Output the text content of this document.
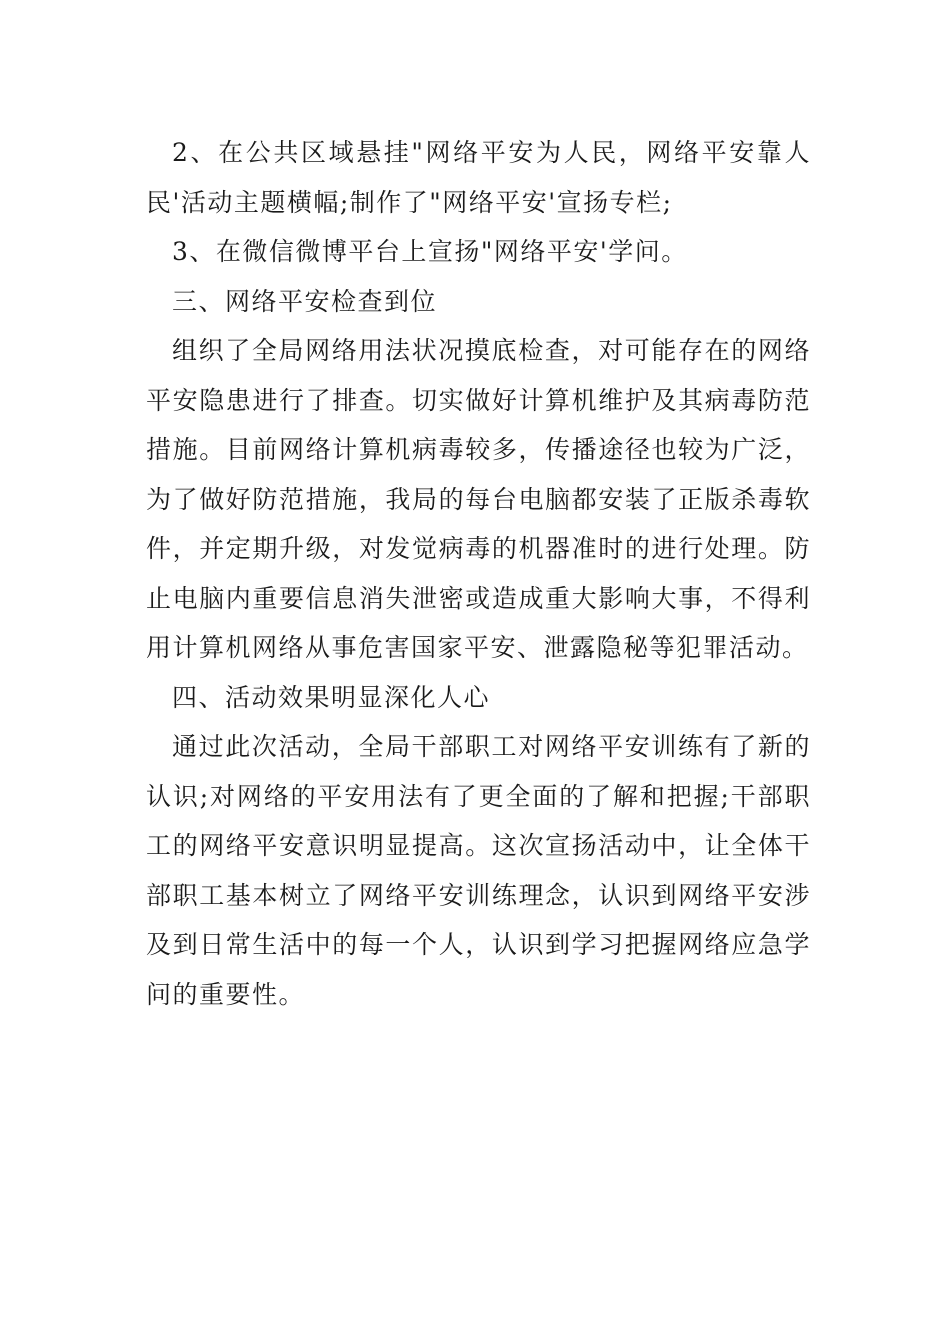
2、在公共区域悬挂"网络平安为人民，网络平安靠人民'活动主题横幅;制作了"网络平安'宣扬专栏;

3、在微信微博平台上宣扬"网络平安'学问。

三、网络平安检查到位

组织了全局网络用法状况摸底检查，对可能存在的网络平安隐患进行了排查。切实做好计算机维护及其病毒防范措施。目前网络计算机病毒较多，传播途径也较为广泛，为了做好防范措施，我局的每台电脑都安装了正版杀毒软件，并定期升级，对发觉病毒的机器准时的进行处理。防止电脑内重要信息消失泄密或造成重大影响大事，不得利用计算机网络从事危害国家平安、泄露隐秘等犯罪活动。

四、活动效果明显深化人心

通过此次活动，全局干部职工对网络平安训练有了新的认识;对网络的平安用法有了更全面的了解和把握;干部职工的网络平安意识明显提高。这次宣扬活动中，让全体干部职工基本树立了网络平安训练理念，认识到网络平安涉及到日常生活中的每一个人，认识到学习把握网络应急学问的重要性。
